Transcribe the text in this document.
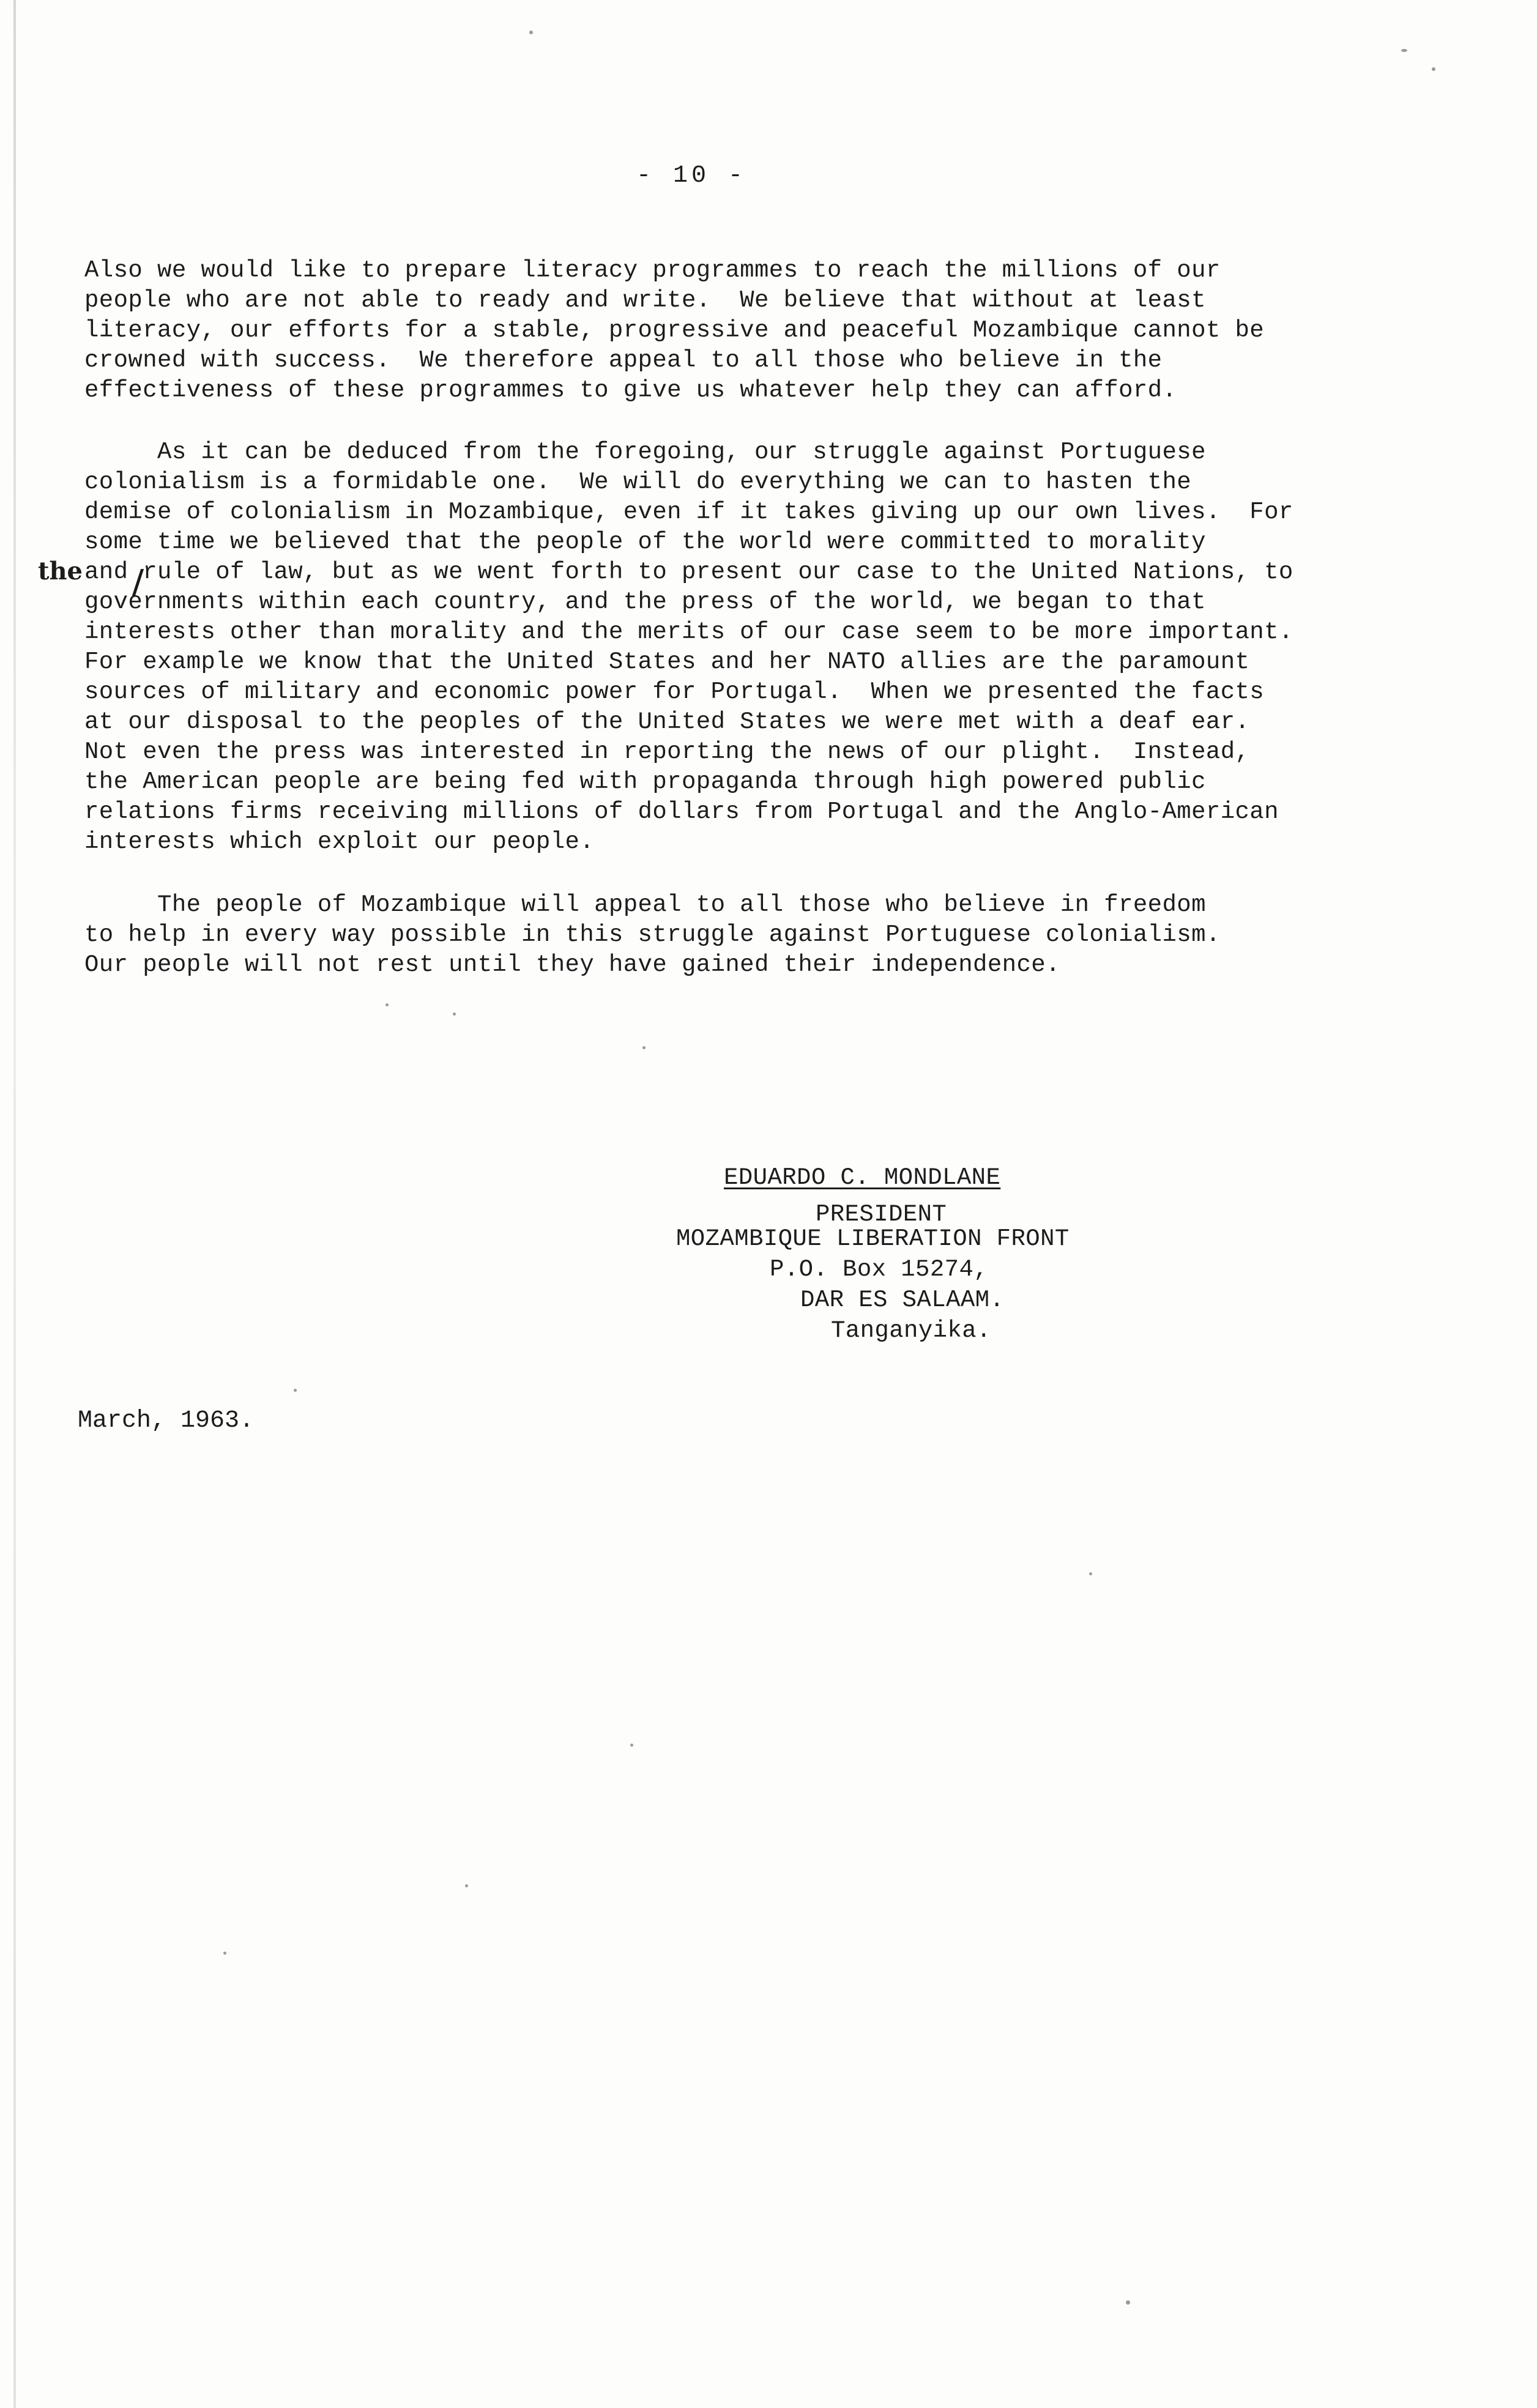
- 10 -
Also we would like to prepare literacy programmes to reach the millions of our
people who are not able to ready and write.  We believe that without at least
literacy, our efforts for a stable, progressive and peaceful Mozambique cannot be
crowned with success.  We therefore appeal to all those who believe in the
effectiveness of these programmes to give us whatever help they can afford.
As it can be deduced from the foregoing, our struggle against Portuguese
colonialism is a formidable one.  We will do everything we can to hasten the
demise of colonialism in Mozambique, even if it takes giving up our own lives.  For
some time we believed that the people of the world were committed to morality
and rule of law, but as we went forth to present our case to the United Nations, to
governments within each country, and the press of the world, we began to that
interests other than morality and the merits of our case seem to be more important.
For example we know that the United States and her NATO allies are the paramount
sources of military and economic power for Portugal.  When we presented the facts
at our disposal to the peoples of the United States we were met with a deaf ear.
Not even the press was interested in reporting the news of our plight.  Instead,
the American people are being fed with propaganda through high powered public
relations firms receiving millions of dollars from Portugal and the Anglo-American
interests which exploit our people.
the
The people of Mozambique will appeal to all those who believe in freedom
to help in every way possible in this struggle against Portuguese colonialism.
Our people will not rest until they have gained their independence.
EDUARDO C. MONDLANE
PRESIDENT
MOZAMBIQUE LIBERATION FRONT
P.O. Box 15274,
DAR ES SALAAM.
Tanganyika.
March, 1963.
